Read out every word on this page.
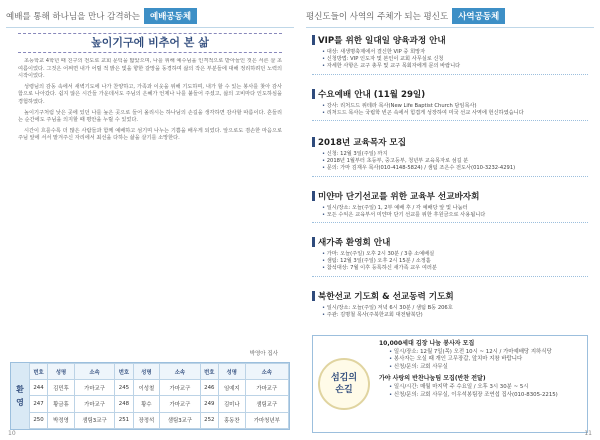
예배를 통해 하나님을 만나 감격하는	예배공동체
높이기구에 비추어 본 삶

초등학교 4학년 때 친구의 전도로 교회 문턱을 밟았으며, 나를 위해 예수님을 인격적으로 받아들인 것은 서른 살 초여름이었다. 그것은 어쩌면 내가 어릴 적 밝은 빛을 향한 갈망을 동경하며 삶의 작은 부분들에 대해 정리하려던 노력의 시작이었다.

성령님의 감동 속에서 새벽기도에 나가 찬양하고, 가족과 이웃을 위해 기도하며, 내가 할 수 있는 봉사를 찾아 감사함으로 나아갔다. 쉽지 않은 시간들 가운데서도 주님의 은혜가 언제나 나를 붙들어 주셨고, 삶의 고비마다 인도하심을 경험하였다.

높이기구처럼 낮은 곳에 있던 나를 높은 곳으로 들어 올리시는 하나님의 손길을 생각하면 감사할 따름이다. 흔들리는 순간에도 주님을 의지할 때 평안을 누릴 수 있었다.

시간이 흐를수록 더 많은 사람들과 함께 예배하고 섬기며 나누는 기쁨을 배우게 되었다. 앞으로도 겸손한 마음으로 주님 앞에 서서 맡겨주신 자리에서 최선을 다하는 삶을 살기를 소망한다.

박영아 집사
환
영
번호	성명	소속	번호	성명	소속	번호	성명	소속
244	김민후	가마교구	245	이성철	가마교구	246	임예지	가마교구
247	황금휴	가마교구	248	황수	가마교구	249	김미나	샘팀교구
250	박정영	샘팀3교구	251	장정석	샘팀3교구	252	홍동찬	가마청년부
10
평신도들이 사역의 주체가 되는 평신도	사역공동체
VIP를 위한 일대일 양육과정 안내
• 대상: 새생명축제에서 결신한 VIP 중 희망자
• 신청방법: VIP 인도자 및 본인이 교회 사무실로 신청
• 자세한 사항은 교구 총무 및 교구 목회자에게 문의 바랍니다
수요예배 안내 (11월 29일)
• 강사: 리처드드 위테라 목사(New Life Baptist Church 담임목사)
• 리처드드 목사는 국립학 빈곤 속에서 힘겹게 성장하여 미국 선교 사역에 헌신하였습니다
2018년 교육목자 모집
• 신청: 12월 3일(주일) 까지
• 2018년 1월부터 초등부, 중고등부, 청년부 교육목자로 섬길 분
• 문의: 가마 김재우 목사(010-4148-5824) / 샘팀 조은수 전도사(010-3232-4291)
미얀마 단기선교를 위한 교육부 선교바자회
• 일시/장소: 오늘(주일) 1, 2부 예배 후 / 각 예배당 앞 및 나눔터
• 모든 수익은 교육부서 미얀마 단기 선교를 위한 후원금으로 사용됩니다
새가족 환영회 안내
• 가마: 오늘(주일) 오후 2시 30분 / 3층 소예배실
• 샘팀: 12월 3일(주일) 오후 2시 15분 / 소정홀
• 참석대상: 7월 이후 등록하신 새가족 교우 여러분
북한선교 기도회 & 선교동력 기도회
• 일시/장소: 오늘(주일) 저녁 6시 30분 / 샘팀 B동 206호
• 주관: 김명철 목사(주북한교회 대전탈북단)
섬김의
손길
10,000세대 김장 나눔 봉사자 모집
• 일시/장소: 12월 7일(목) 오전 10시 ~ 12시 / 가마예배당 지하식당
• 봉사자는 오실 때 개인 고무장갑, 앞치마 지참 바랍니다
• 신청/문의: 교회 사무실
가야 사랑의 반찬나눔팀 모집(반찬 전달)
• 일시/시간: 매월 마지막 주 수요일 / 오후 3시 30분 ~ 5시
• 신청/문의: 교회 사무실, 이우석봉팀장 조연섭 집사(010-8305-2215)
11
